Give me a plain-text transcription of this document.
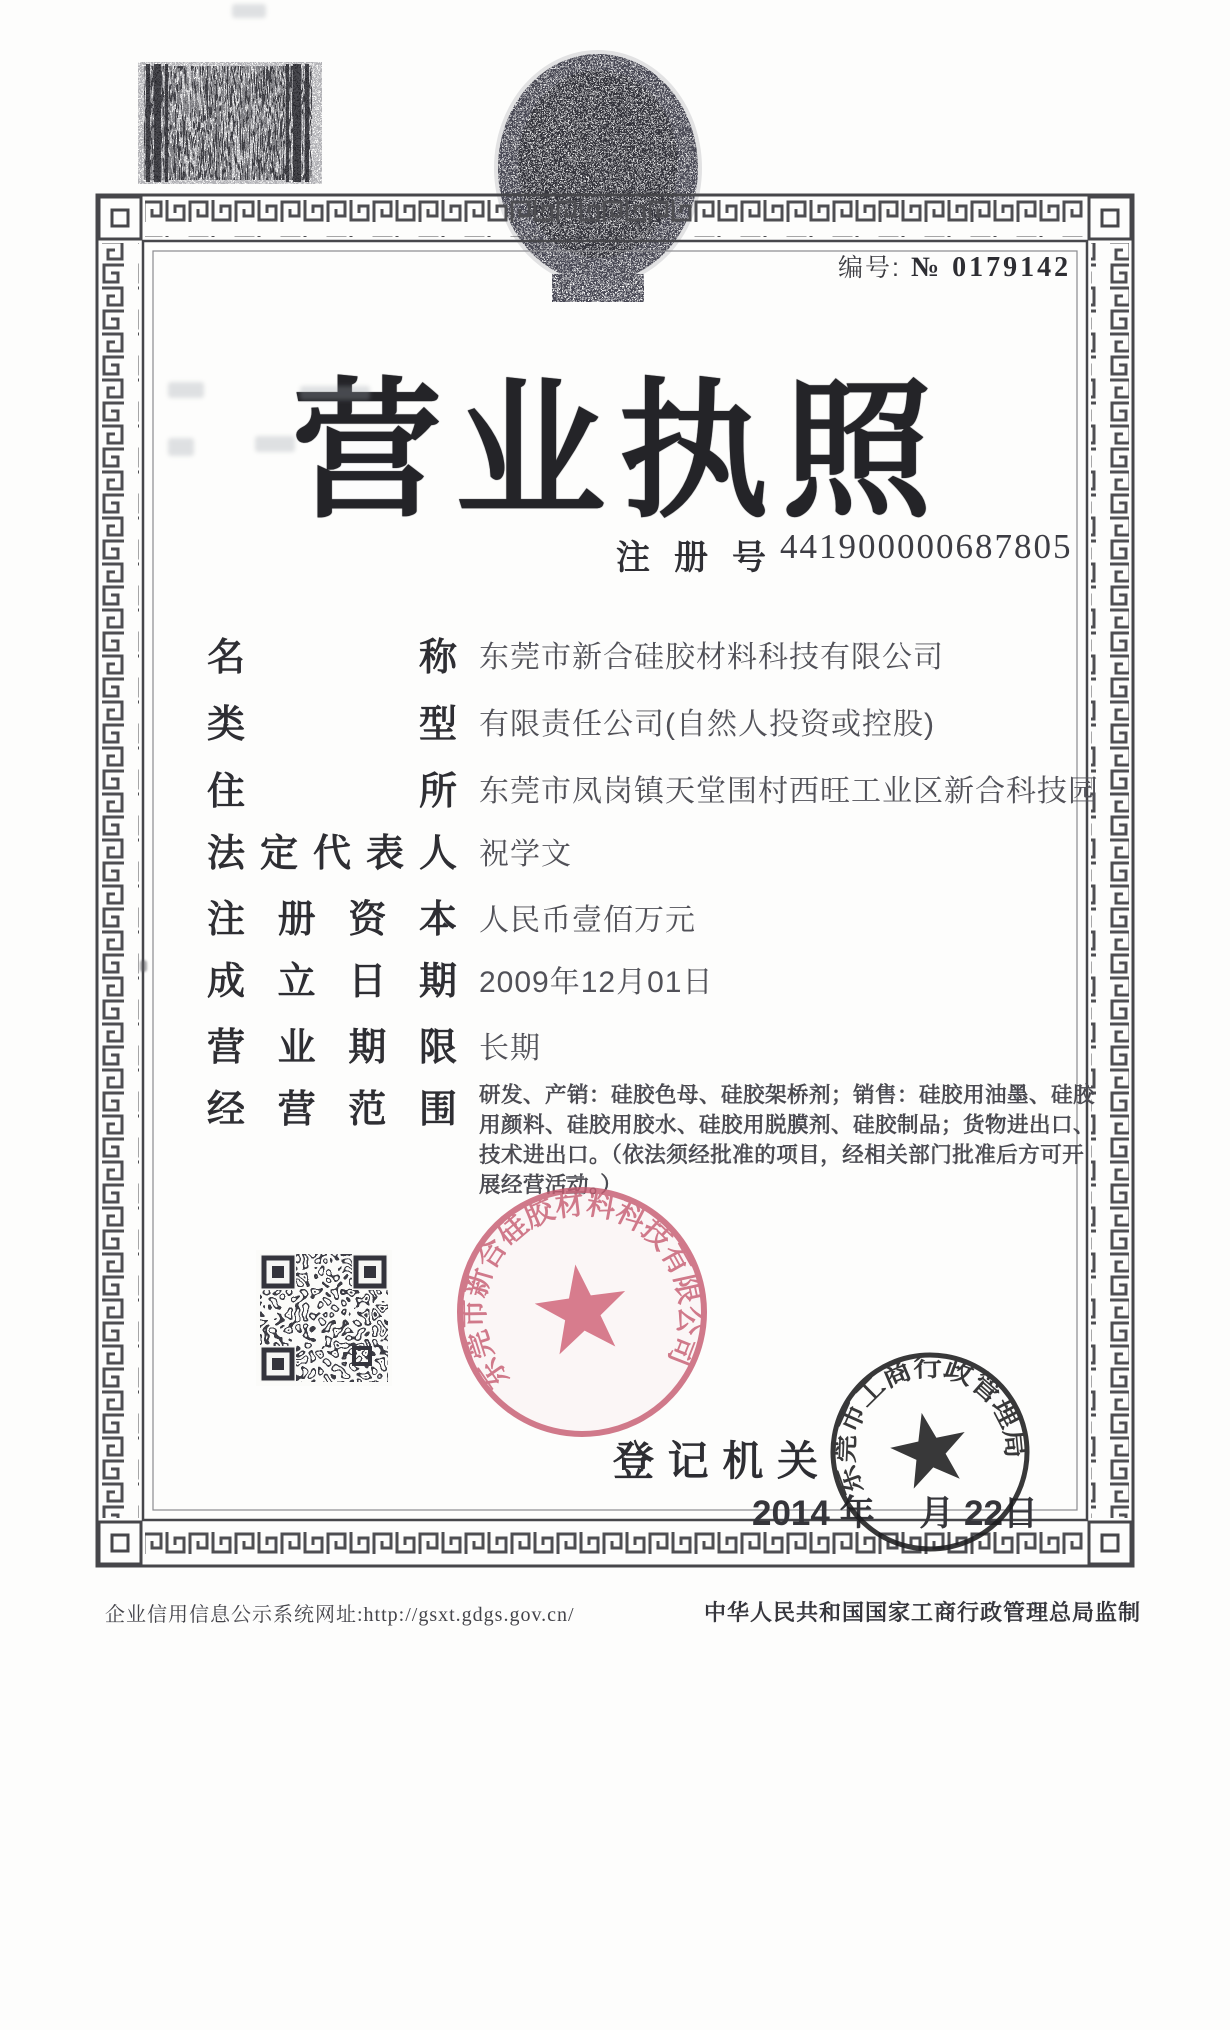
编号: № 0179142
营 业 执 照
注 册 号 441900000687805
名	称 东莞市新合硅胶材料科技有限公司
类	型 有限责任公司(自然人投资或控股)
住	所 东莞市凤岗镇天堂围村西旺工业区新合科技园
法 定 代 表 人 祝学文
注 册 资 本 人民币壹佰万元
成 立 日 期 2009年12月01日
营 业 期 限 长期
经 营 范 围 研发、产销：硅胶色母、硅胶架桥剂；销售：硅胶用油墨、硅胶用颜料、硅胶用胶水、硅胶用脱膜剂、硅胶制品；货物进出口、技术进出口。（依法须经批准的项目，经相关部门批准后方可开展经营活动。）
东莞市新合硅胶材料科技有限公司
登 记 机 关
2014 年　 月 22日
东莞市工商行政管理局
企业信用信息公示系统网址:http://gsxt.gdgs.gov.cn/	中华人民共和国国家工商行政管理总局监制
